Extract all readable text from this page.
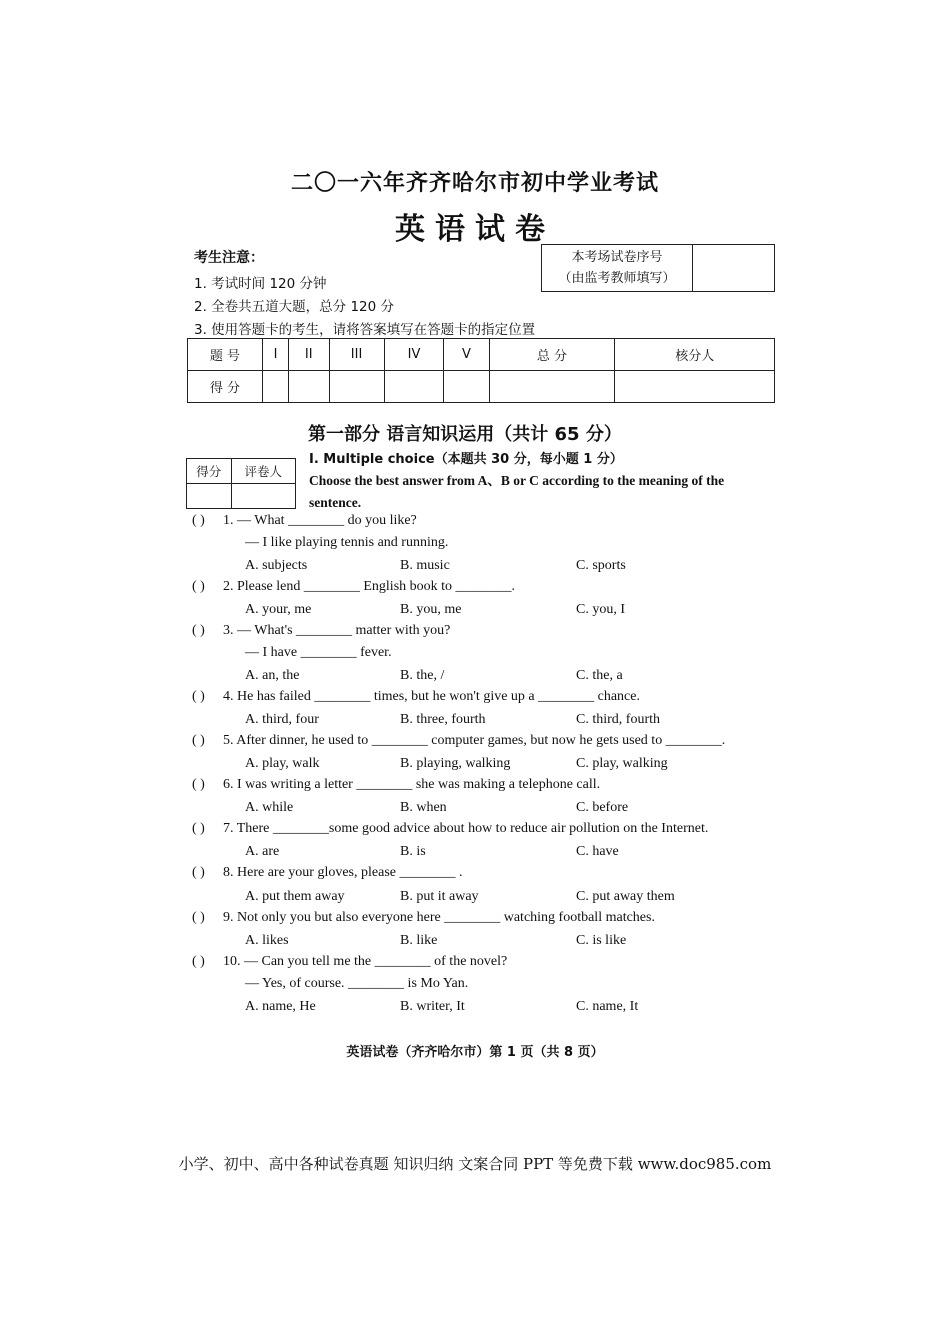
二〇一六年齐齐哈尔市初中学业考试
英语试卷
考生注意：
1. 考试时间 120 分钟
2. 全卷共五道大题，总分 120 分
3. 使用答题卡的考生，请将答案填写在答题卡的指定位置
本考场试卷序号
（由监考教师填写）

题 号	I	II	III	IV	V	总 分	核分人
得 分							
第一部分 语言知识运用（共计 65 分）
I. Multiple choice（本题共 30 分，每小题 1 分）
Choose the best answer from A、B or C according to the meaning of the sentence.
得分	评卷人

( ) 1. — What ________ do you like?
— I like playing tennis and running.
A. subjects	B. music	C. sports
( ) 2. Please lend ________ English book to ________.
A. your, me	B. you, me	C. you, I
( ) 3. — What's ________ matter with you?
— I have ________ fever.
A. an, the	B. the, /	C. the, a
( ) 4. He has failed ________ times, but he won't give up a ________ chance.
A. third, four	B. three, fourth	C. third, fourth
( ) 5. After dinner, he used to ________ computer games, but now he gets used to ________.
A. play, walk	B. playing, walking	C. play, walking
( ) 6. I was writing a letter ________ she was making a telephone call.
A. while	B. when	C. before
( ) 7. There ________some good advice about how to reduce air pollution on the Internet.
A. are	B. is	C. have
( ) 8. Here are your gloves, please ________ .
A. put them away	B. put it away	C. put away them
( ) 9. Not only you but also everyone here ________ watching football matches.
A. likes	B. like	C. is like
( ) 10. — Can you tell me the ________ of the novel?
— Yes, of course. ________ is Mo Yan.
A. name, He	B. writer, It	C. name, It
英语试卷（齐齐哈尔市）第 1 页（共 8 页）
小学、初中、高中各种试卷真题 知识归纳 文案合同 PPT 等免费下载 www.doc985.com
